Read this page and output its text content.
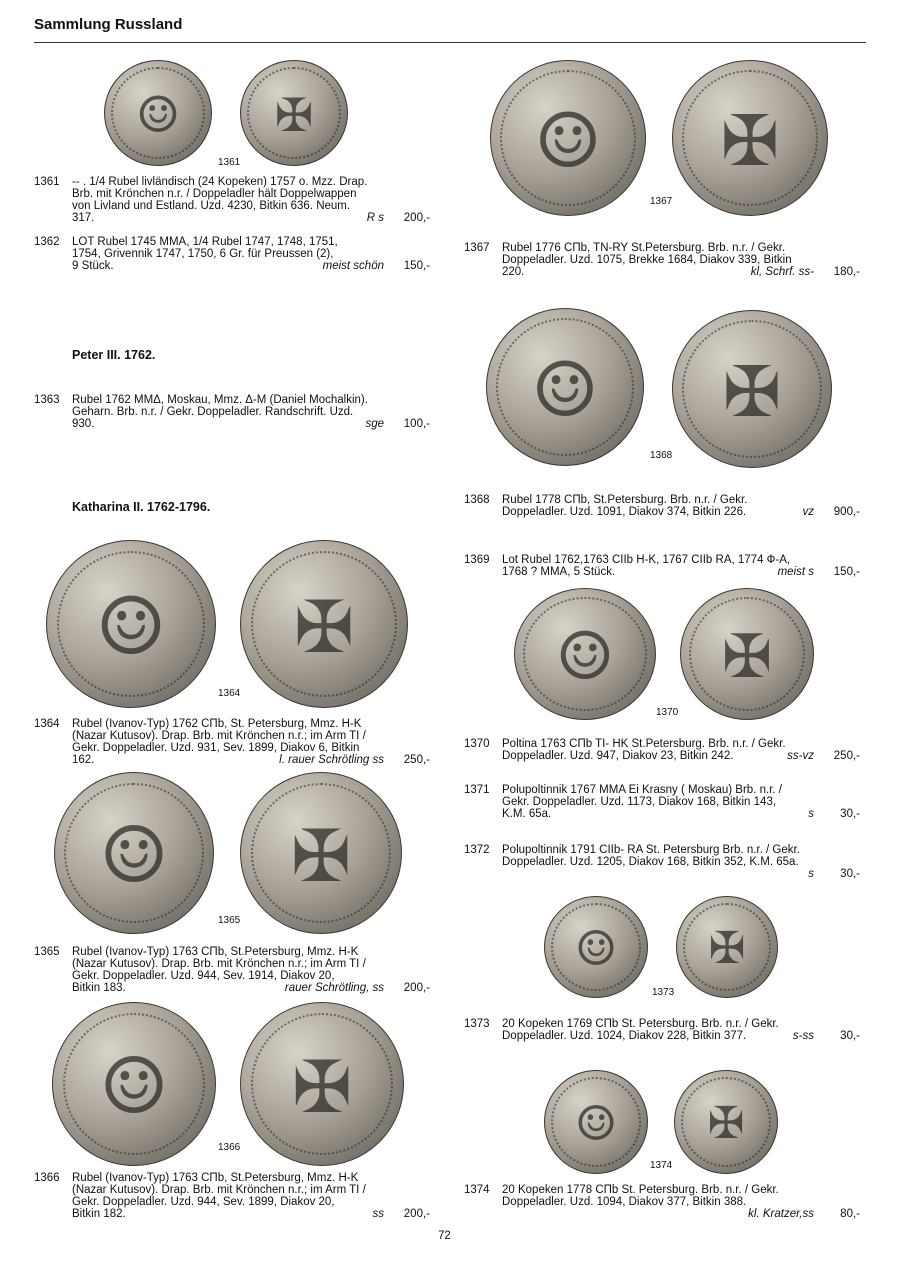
Sammlung Russland
☺ ✠
1361
☺ ✠
1364
☺ ✠
1365
☺ ✠
1366
☺ ✠
1367
☺ ✠
1368
☺ ✠
1370
☺ ✠
1373
☺ ✠
1374
Peter III. 1762.
Katharina II. 1762-1796.
1361 -- . 1/4 Rubel livländisch (24 Kopeken) 1757 o. Mzz. Drap.
Brb. mit Krönchen n.r. / Doppeladler hält Doppelwappen
von Livland und Estland. Uzd. 4230, Bitkin 636. Neum.
317.	R s	200,-
1362 LOT Rubel 1745 MMA, 1/4 Rubel 1747, 1748, 1751,
1754, Grivennik 1747, 1750, 6 Gr. für Preussen (2),
9 Stück.	meist schön	150,-
1363 Rubel 1762 ММΔ, Moskau, Mmz. Δ-M (Daniel Mochalkin).
Geharn. Brb. n.r. / Gekr. Doppeladler. Randschrift. Uzd.
930.	sge	100,-
1364 Rubel (Ivanov-Typ) 1762 СПb, St. Petersburg, Mmz. H-K
(Nazar Kutusov). Drap. Brb. mit Krönchen n.r.; im Arm TI /
Gekr. Doppeladler. Uzd. 931, Sev. 1899, Diakov 6, Bitkin
162.	l. rauer Schrötling ss	250,-
1365 Rubel (Ivanov-Typ) 1763 СПb, St.Petersburg, Mmz. H-K
(Nazar Kutusov). Drap. Brb. mit Krönchen n.r.; im Arm TI /
Gekr. Doppeladler. Uzd. 944, Sev. 1914, Diakov 20,
Bitkin 183.	rauer Schrötling, ss	200,-
1366 Rubel (Ivanov-Typ) 1763 СПb, St.Petersburg, Mmz. H-K
(Nazar Kutusov). Drap. Brb. mit Krönchen n.r.; im Arm TI /
Gekr. Doppeladler. Uzd. 944, Sev. 1899, Diakov 20,
Bitkin 182.	ss	200,-
1367 Rubel 1776 СПb, TN-RY St.Petersburg. Brb. n.r. / Gekr.
Doppeladler. Uzd. 1075, Brekke 1684, Diakov 339, Bitkin
220.	kl, Schrf. ss-	180,-
1368 Rubel 1778 СПb, St.Petersburg. Brb. n.r. / Gekr.
Doppeladler. Uzd. 1091, Diakov 374, Bitkin 226.	vz	900,-
1369 Lot Rubel 1762,1763 CIIb H-K, 1767 CIIb RA, 1774 Ф-А,
1768 ? MMA, 5 Stück.	meist s	150,-
1370 Poltina 1763 СПb TI- HK St.Petersburg. Brb. n.r. / Gekr.
Doppeladler. Uzd. 947, Diakov 23, Bitkin 242.	ss-vz	250,-
1371 Polupoltinnik 1767 MMA Ei Krasny ( Moskau) Brb. n.r. /
Gekr. Doppeladler. Uzd. 1173, Diakov 168, Bitkin 143,
K.M. 65a.	s	30,-
1372 Polupoltinnik 1791 CIIb- RA St. Petersburg Brb. n.r. / Gekr.
Doppeladler. Uzd. 1205, Diakov 168, Bitkin 352, K.M. 65a.
s	30,-
1373 20 Kopeken 1769 СПb St. Petersburg. Brb. n.r. / Gekr.
Doppeladler. Uzd. 1024, Diakov 228, Bitkin 377.	s-ss	30,-
1374 20 Kopeken 1778 СПb St. Petersburg. Brb. n.r. / Gekr.
Doppeladler. Uzd. 1094, Diakov 377, Bitkin 388.
kl. Kratzer,ss	80,-
72
